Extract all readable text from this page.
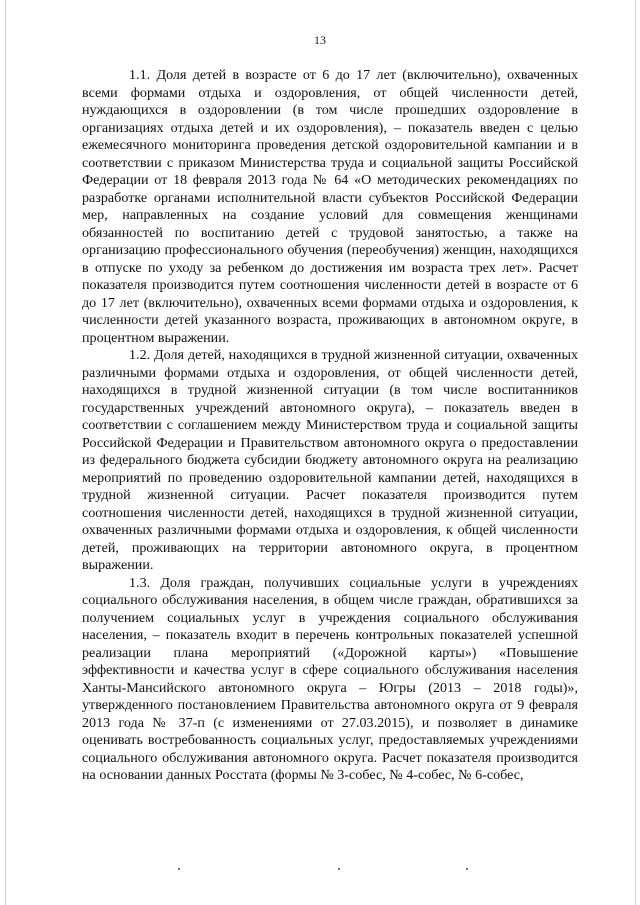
13

1.1. Доля детей в возрасте от 6 до 17 лет (включительно), охваченных всеми формами отдыха и оздоровления, от общей численности детей, нуждающихся в оздоровлении (в том числе прошедших оздоровление в организациях отдыха детей и их оздоровления), – показатель введен с целью ежемесячного мониторинга проведения детской оздоровительной кампании и в соответствии с приказом Министерства труда и социальной защиты Российской Федерации от 18 февраля 2013 года № 64 «О методических рекомендациях по разработке органами исполнительной власти субъектов Российской Федерации мер, направленных на создание условий для совмещения женщинами обязанностей по воспитанию детей с трудовой занятостью, а также на организацию профессионального обучения (переобучения) женщин, находящихся в отпуске по уходу за ребенком до достижения им возраста трех лет». Расчет показателя производится путем соотношения численности детей в возрасте от 6 до 17 лет (включительно), охваченных всеми формами отдыха и оздоровления, к численности детей указанного возраста, проживающих в автономном округе, в процентном выражении.

1.2. Доля детей, находящихся в трудной жизненной ситуации, охваченных различными формами отдыха и оздоровления, от общей численности детей, находящихся в трудной жизненной ситуации (в том числе воспитанников государственных учреждений автономного округа), – показатель введен в соответствии с соглашением между Министерством труда и социальной защиты Российской Федерации и Правительством автономного округа о предоставлении из федерального бюджета субсидии бюджету автономного округа на реализацию мероприятий по проведению оздоровительной кампании детей, находящихся в трудной жизненной ситуации. Расчет показателя производится путем соотношения численности детей, находящихся в трудной жизненной ситуации, охваченных различными формами отдыха и оздоровления, к общей численности детей, проживающих на территории автономного округа, в процентном выражении.

1.3. Доля граждан, получивших социальные услуги в учреждениях социального обслуживания населения, в общем числе граждан, обратившихся за получением социальных услуг в учреждения социального обслуживания населения, – показатель входит в перечень контрольных показателей успешной реализации плана мероприятий («Дорожной карты») «Повышение эффективности и качества услуг в сфере социального обслуживания населения Ханты-Мансийского автономного округа – Югры (2013 – 2018 годы)», утвержденного постановлением Правительства автономного округа от 9 февраля 2013 года № 37-п (с изменениями от 27.03.2015), и позволяет в динамике оценивать востребованность социальных услуг, предоставляемых учреждениями социального обслуживания автономного округа. Расчет показателя производится на основании данных Росстата (формы № 3-собес, № 4-собес, № 6-собес,
